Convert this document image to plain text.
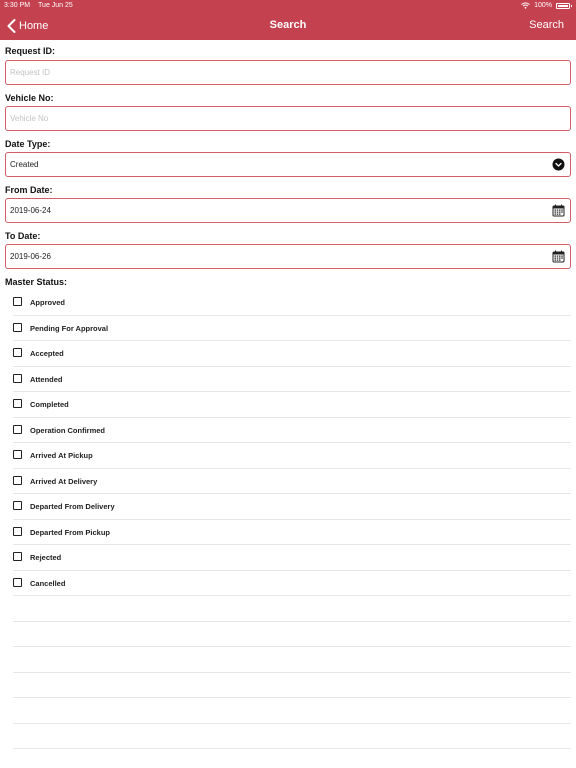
3:30 PM Tue Jun 25	100%
Home	Search	Search
Request ID:
Request ID
Vehicle No:
Vehicle No
Date Type:
Created
From Date:
2019-06-24
To Date:
2019-06-26
Master Status:
Approved
Pending For Approval
Accepted
Attended
Completed
Operation Confirmed
Arrived At Pickup
Arrived At Delivery
Departed From Delivery
Departed From Pickup
Rejected
Cancelled
